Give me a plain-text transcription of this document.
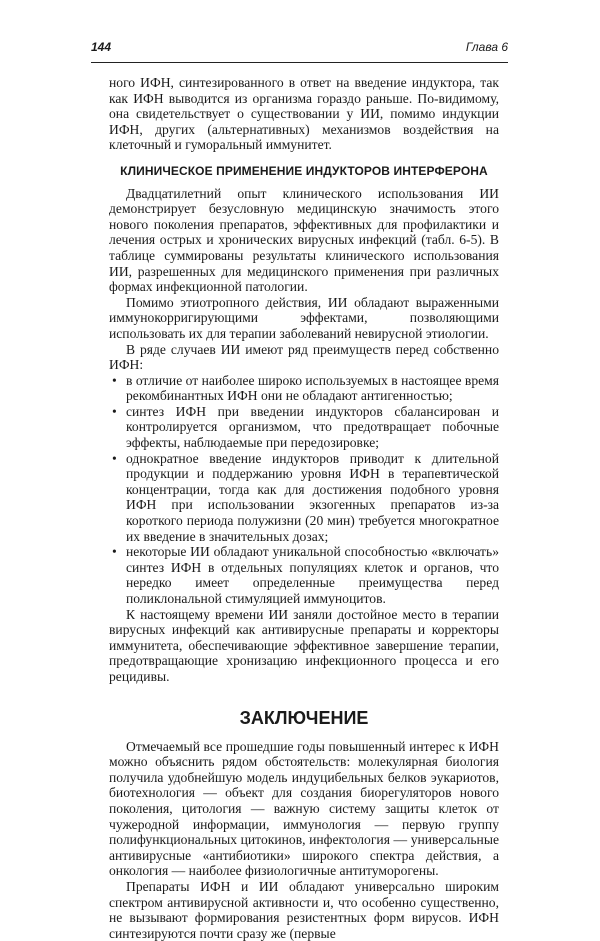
144	Глава 6

ного ИФН, синтезированного в ответ на введение индуктора, так как ИФН выводится из организма гораздо раньше. По-видимому, она свидетельствует о существовании у ИИ, помимо индукции ИФН, других (альтернативных) механизмов воздействия на клеточный и гуморальный иммунитет.

КЛИНИЧЕСКОЕ ПРИМЕНЕНИЕ ИНДУКТОРОВ ИНТЕРФЕРОНА

Двадцатилетний опыт клинического использования ИИ демонстрирует безусловную медицинскую значимость этого нового поколения препаратов, эффективных для профилактики и лечения острых и хронических вирусных инфекций (табл. 6-5). В таблице суммированы результаты клинического использования ИИ, разрешенных для медицинского применения при различных формах инфекционной патологии.

Помимо этиотропного действия, ИИ обладают выраженными иммунокорригирующими эффектами, позволяющими использовать их для терапии заболеваний невирусной этиологии.

В ряде случаев ИИ имеют ряд преимуществ перед собственно ИФН:

• в отличие от наиболее широко используемых в настоящее время рекомбинантных ИФН они не обладают антигенностью;
• синтез ИФН при введении индукторов сбалансирован и контролируется организмом, что предотвращает побочные эффекты, наблюдаемые при передозировке;
• однократное введение индукторов приводит к длительной продукции и поддержанию уровня ИФН в терапевтической концентрации, тогда как для достижения подобного уровня ИФН при использовании экзогенных препаратов из-за короткого периода полужизни (20 мин) требуется многократное их введение в значительных дозах;
• некоторые ИИ обладают уникальной способностью «включать» синтез ИФН в отдельных популяциях клеток и органов, что нередко имеет определенные преимущества перед поликлональной стимуляцией иммуноцитов.

К настоящему времени ИИ заняли достойное место в терапии вирусных инфекций как антивирусные препараты и корректоры иммунитета, обеспечивающие эффективное завершение терапии, предотвращающие хронизацию инфекционного процесса и его рецидивы.

ЗАКЛЮЧЕНИЕ

Отмечаемый все прошедшие годы повышенный интерес к ИФН можно объяснить рядом обстоятельств: молекулярная биология получила удобнейшую модель индуцибельных белков эукариотов, биотехнология — объект для создания биорегуляторов нового поколения, цитология — важную систему защиты клеток от чужеродной информации, иммунология — первую группу полифункциональных цитокинов, инфектология — универсальные антивирусные «антибиотики» широкого спектра действия, а онкология — наиболее физиологичные антитуморогены.

Препараты ИФН и ИИ обладают универсально широким спектром антивирусной активности и, что особенно существенно, не вызывают формирования резистентных форм вирусов. ИФН синтезируются почти сразу же (первые
